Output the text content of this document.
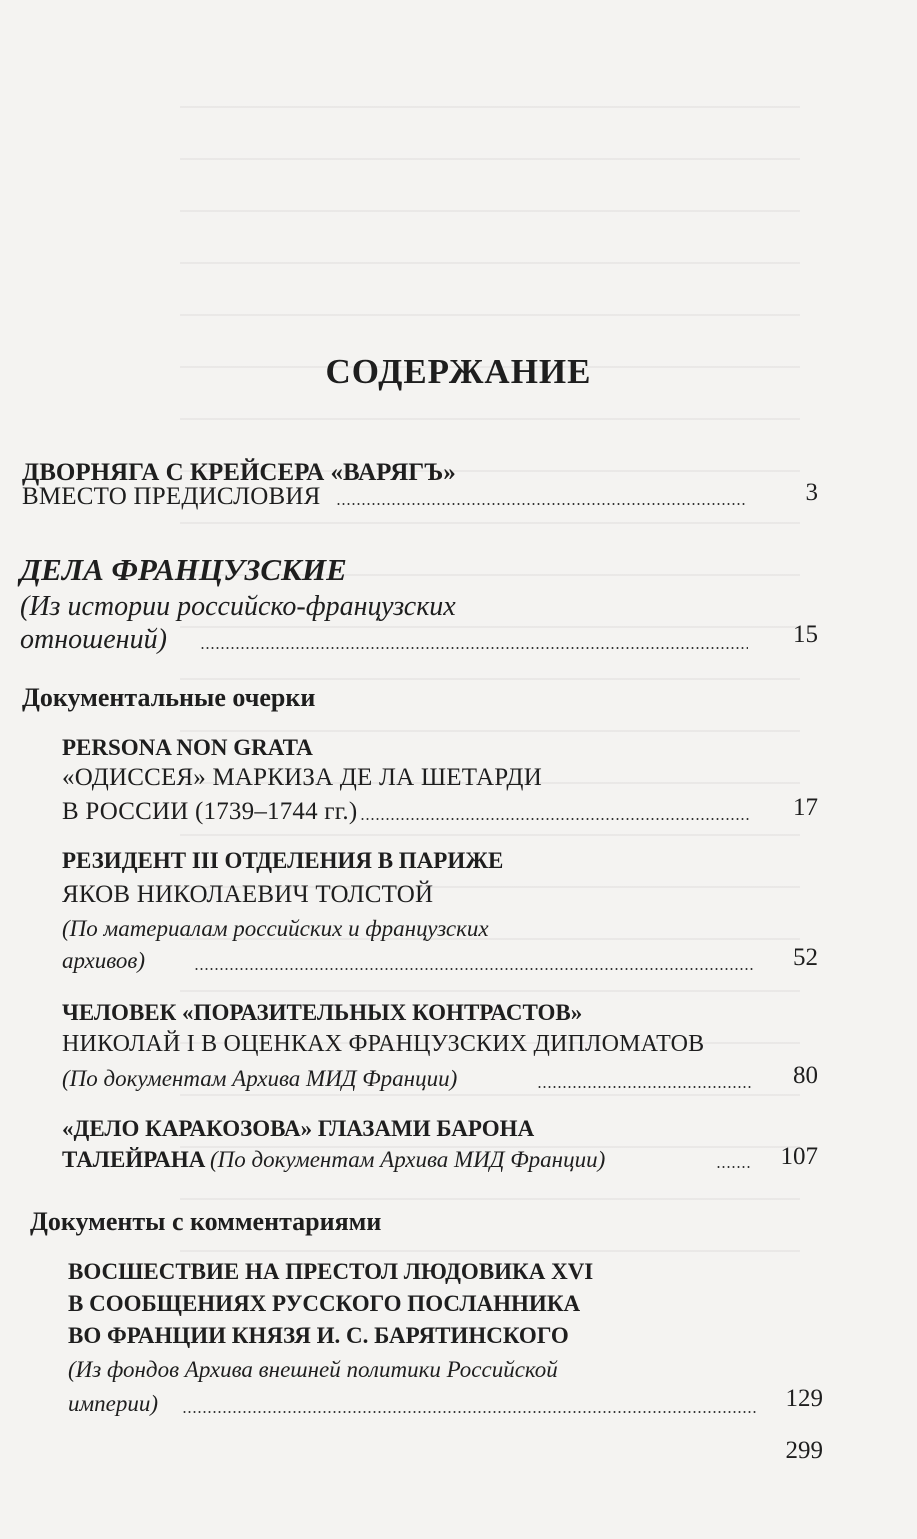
СОДЕРЖАНИЕ
ДВОРНЯГА С КРЕЙСЕРА «ВАРЯГЪ»
ВМЕСТО ПРЕДИСЛОВИЯ	3
ДЕЛА ФРАНЦУЗСКИЕ
(Из истории российско-французских
отношений)	15
Документальные очерки
PERSONA NON GRATA
«ОДИССЕЯ» МАРКИЗА ДЕ ЛА ШЕТАРДИ
В РОССИИ (1739–1744 гг.)	17
РЕЗИДЕНТ III ОТДЕЛЕНИЯ В ПАРИЖЕ
ЯКОВ НИКОЛАЕВИЧ ТОЛСТОЙ
(По материалам российских и французских
архивов)	52
ЧЕЛОВЕК «ПОРАЗИТЕЛЬНЫХ КОНТРАСТОВ»
НИКОЛАЙ I В ОЦЕНКАХ ФРАНЦУЗСКИХ ДИПЛОМАТОВ
(По документам Архива МИД Франции)	80
«ДЕЛО КАРАКОЗОВА» ГЛАЗАМИ БАРОНА
ТАЛЕЙРАНА (По документам Архива МИД Франции)	107
Документы с комментариями
ВОСШЕСТВИЕ НА ПРЕСТОЛ ЛЮДОВИКА XVI
В СООБЩЕНИЯХ РУССКОГО ПОСЛАННИКА
ВО ФРАНЦИИ КНЯЗЯ И. С. БАРЯТИНСКОГО
(Из фондов Архива внешней политики Российской
империи)	129
299
